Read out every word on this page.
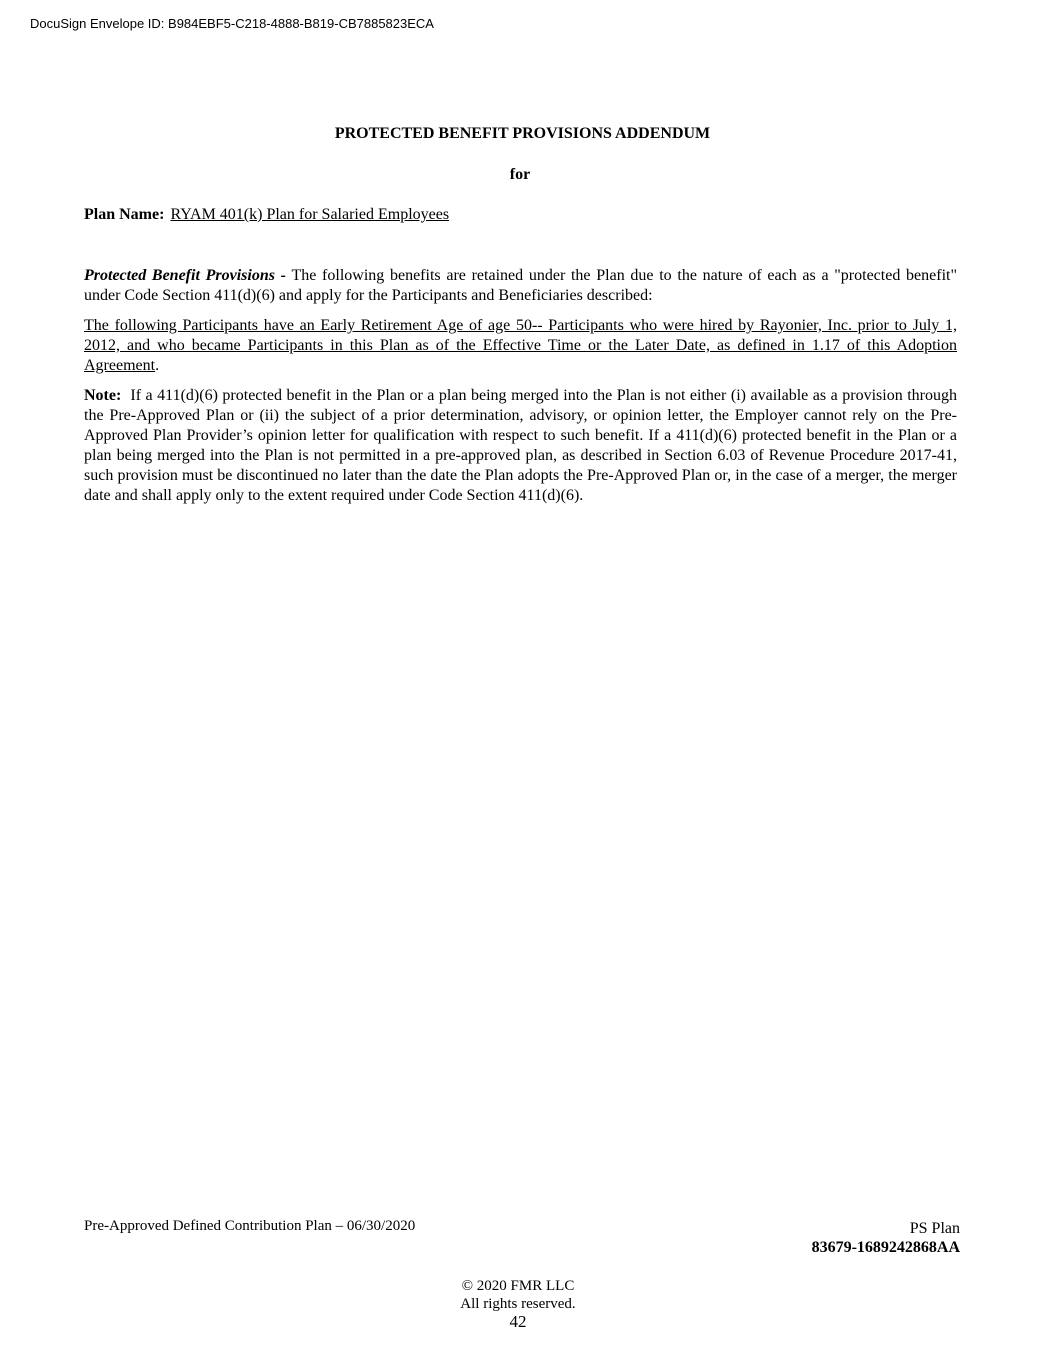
DocuSign Envelope ID: B984EBF5-C218-4888-B819-CB7885823ECA
PROTECTED BENEFIT PROVISIONS ADDENDUM
for
Plan Name: RYAM 401(k) Plan for Salaried Employees

Protected Benefit Provisions - The following benefits are retained under the Plan due to the nature of each as a "protected benefit" under Code Section 411(d)(6) and apply for the Participants and Beneficiaries described:

The following Participants have an Early Retirement Age of age 50-- Participants who were hired by Rayonier, Inc. prior to July 1, 2012, and who became Participants in this Plan as of the Effective Time or the Later Date, as defined in 1.17 of this Adoption Agreement.

Note: If a 411(d)(6) protected benefit in the Plan or a plan being merged into the Plan is not either (i) available as a provision through the Pre-Approved Plan or (ii) the subject of a prior determination, advisory, or opinion letter, the Employer cannot rely on the Pre-Approved Plan Provider’s opinion letter for qualification with respect to such benefit. If a 411(d)(6) protected benefit in the Plan or a plan being merged into the Plan is not permitted in a pre-approved plan, as described in Section 6.03 of Revenue Procedure 2017-41, such provision must be discontinued no later than the date the Plan adopts the Pre-Approved Plan or, in the case of a merger, the merger date and shall apply only to the extent required under Code Section 411(d)(6).

Pre-Approved Defined Contribution Plan – 06/30/2020	PS Plan
83679-1689242868AA
© 2020 FMR LLC
All rights reserved.
42
